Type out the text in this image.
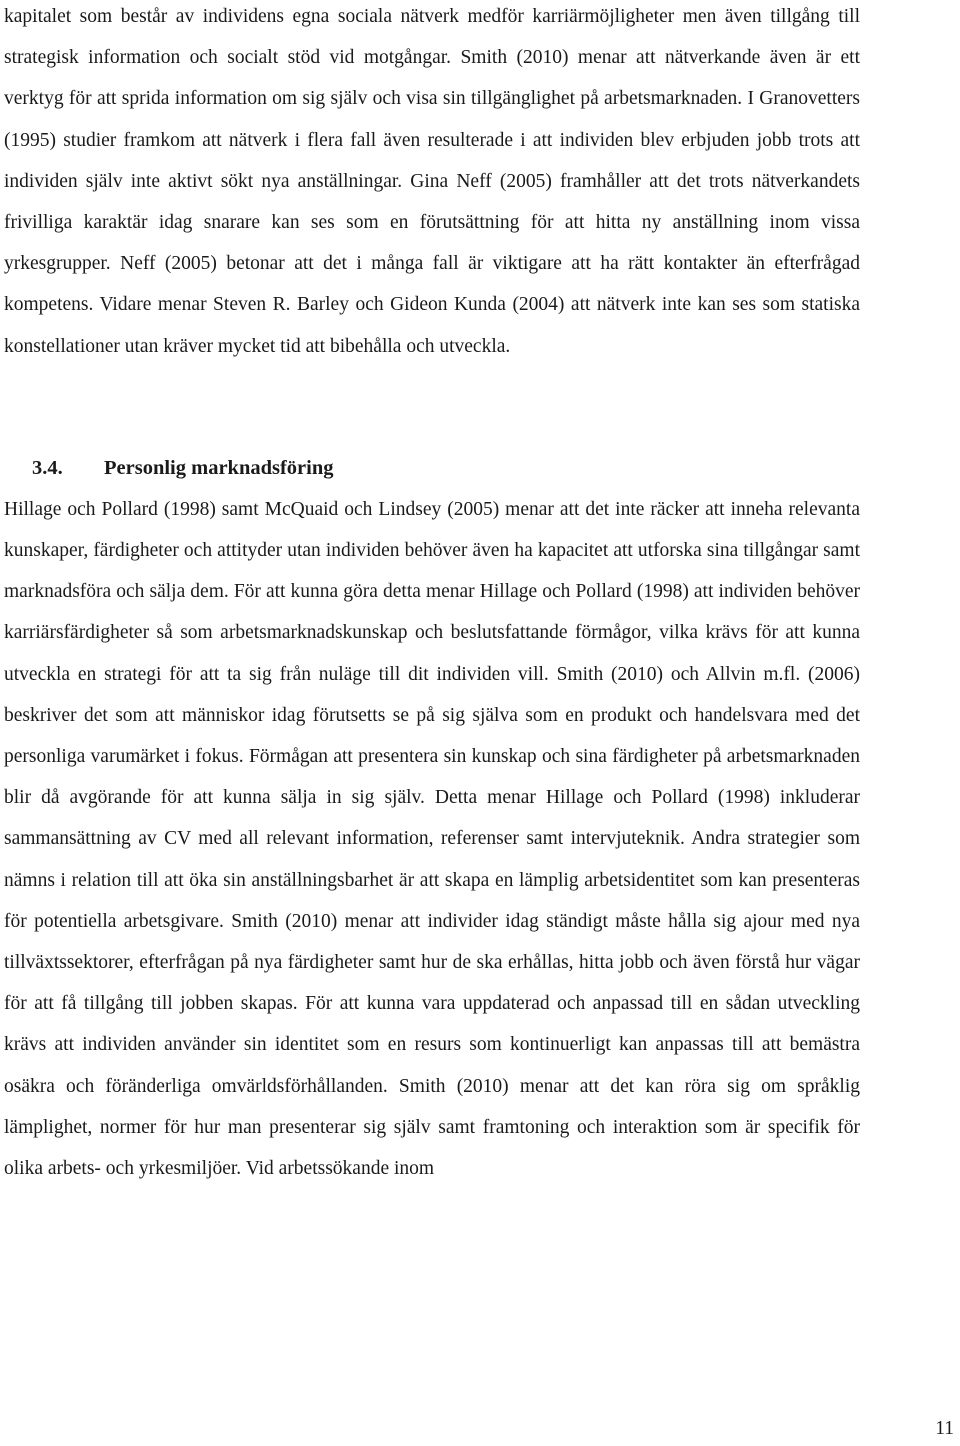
kapitalet som består av individens egna sociala nätverk medför karriärmöjligheter men även tillgång till strategisk information och socialt stöd vid motgångar. Smith (2010) menar att nätverkande även är ett verktyg för att sprida information om sig själv och visa sin tillgänglighet på arbetsmarknaden. I Granovetters (1995) studier framkom att nätverk i flera fall även resulterade i att individen blev erbjuden jobb trots att individen själv inte aktivt sökt nya anställningar. Gina Neff (2005) framhåller att det trots nätverkandets frivilliga karaktär idag snarare kan ses som en förutsättning för att hitta ny anställning inom vissa yrkesgrupper. Neff (2005) betonar att det i många fall är viktigare att ha rätt kontakter än efterfrågad kompetens. Vidare menar Steven R. Barley och Gideon Kunda (2004) att nätverk inte kan ses som statiska konstellationer utan kräver mycket tid att bibehålla och utveckla.

3.4.	Personlig marknadsföring

Hillage och Pollard (1998) samt McQuaid och Lindsey (2005) menar att det inte räcker att inneha relevanta kunskaper, färdigheter och attityder utan individen behöver även ha kapacitet att utforska sina tillgångar samt marknadsföra och sälja dem. För att kunna göra detta menar Hillage och Pollard (1998) att individen behöver karriärsfärdigheter så som arbetsmarknadskunskap och beslutsfattande förmågor, vilka krävs för att kunna utveckla en strategi för att ta sig från nuläge till dit individen vill. Smith (2010) och Allvin m.fl. (2006) beskriver det som att människor idag förutsetts se på sig själva som en produkt och handelsvara med det personliga varumärket i fokus. Förmågan att presentera sin kunskap och sina färdigheter på arbetsmarknaden blir då avgörande för att kunna sälja in sig själv. Detta menar Hillage och Pollard (1998) inkluderar sammansättning av CV med all relevant information, referenser samt intervjuteknik. Andra strategier som nämns i relation till att öka sin anställningsbarhet är att skapa en lämplig arbetsidentitet som kan presenteras för potentiella arbetsgivare. Smith (2010) menar att individer idag ständigt måste hålla sig ajour med nya tillväxtssektorer, efterfrågan på nya färdigheter samt hur de ska erhållas, hitta jobb och även förstå hur vägar för att få tillgång till jobben skapas. För att kunna vara uppdaterad och anpassad till en sådan utveckling krävs att individen använder sin identitet som en resurs som kontinuerligt kan anpassas till att bemästra osäkra och föränderliga omvärldsförhållanden. Smith (2010) menar att det kan röra sig om språklig lämplighet, normer för hur man presenterar sig själv samt framtoning och interaktion som är specifik för olika arbets- och yrkesmiljöer. Vid arbetssökande inom

11
